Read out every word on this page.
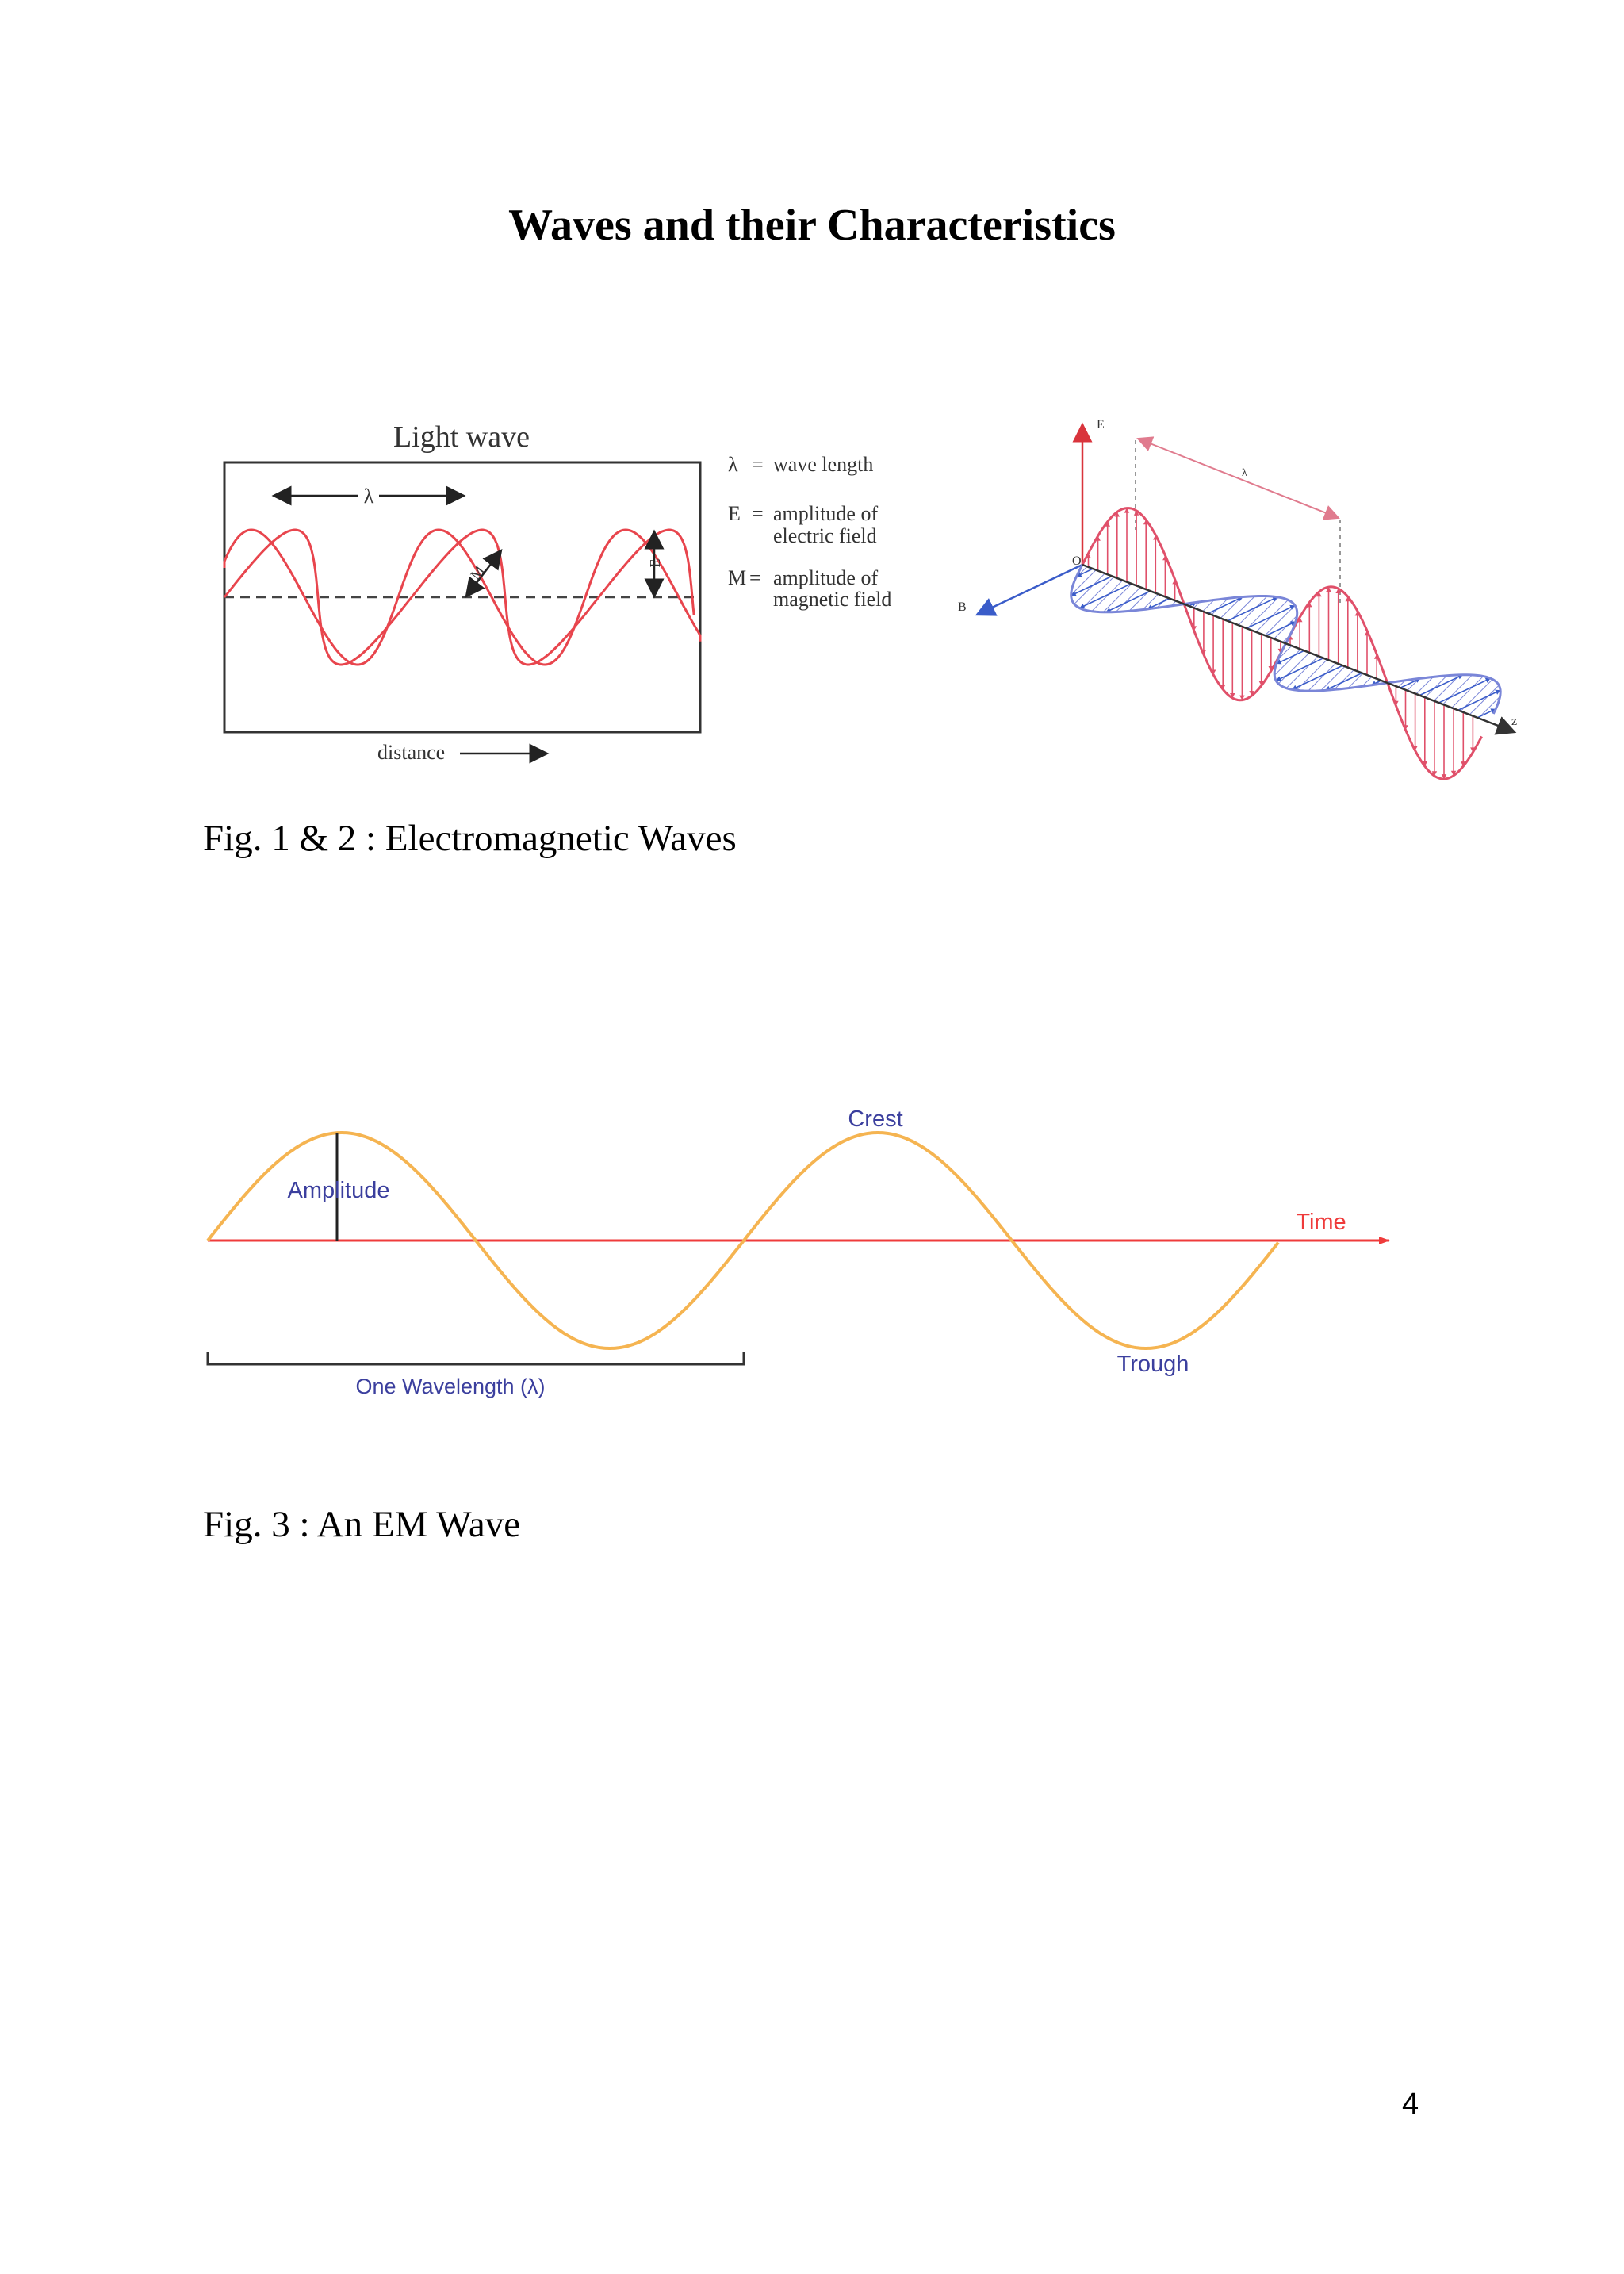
Waves and their Characteristics
Light wave
λ
E
M
distance
λ = wave length
E = amplitude of
electric field
M = amplitude of
magnetic field
E
B
O
λ
z
Fig. 1 & 2 : Electromagnetic Waves
Amplitude
Crest
Time
Trough
One Wavelength (λ)
Fig. 3 : An EM Wave
4
